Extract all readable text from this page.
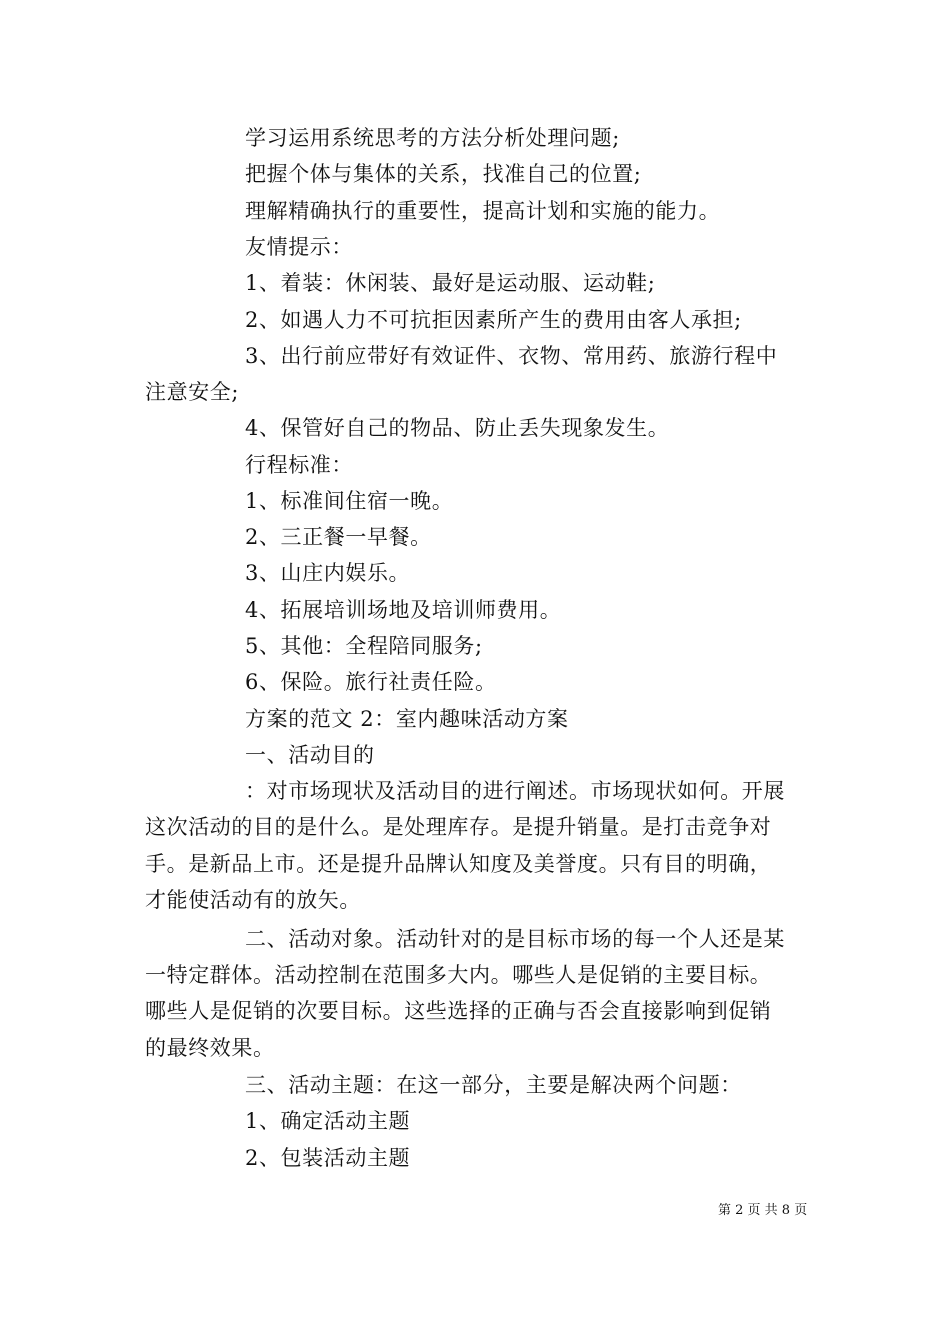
学习运用系统思考的方法分析处理问题;
把握个体与集体的关系，找准自己的位置;
理解精确执行的重要性，提高计划和实施的能力。
友情提示：
1、着装：休闲装、最好是运动服、运动鞋;
2、如遇人力不可抗拒因素所产生的费用由客人承担;
3、出行前应带好有效证件、衣物、常用药、旅游行程中
注意安全;
4、保管好自己的物品、防止丢失现象发生。
行程标准：
1、标准间住宿一晚。
2、三正餐一早餐。
3、山庄内娱乐。
4、拓展培训场地及培训师费用。
5、其他：全程陪同服务;
6、保险。旅行社责任险。
方案的范文 2：室内趣味活动方案
一、活动目的
：对市场现状及活动目的进行阐述。市场现状如何。开展
这次活动的目的是什么。是处理库存。是提升销量。是打击竞争对
手。是新品上市。还是提升品牌认知度及美誉度。只有目的明确，
才能使活动有的放矢。
二、活动对象。活动针对的是目标市场的每一个人还是某
一特定群体。活动控制在范围多大内。哪些人是促销的主要目标。
哪些人是促销的次要目标。这些选择的正确与否会直接影响到促销
的最终效果。
三、活动主题：在这一部分，主要是解决两个问题：
1、确定活动主题
2、包装活动主题
第 2 页 共 8 页
